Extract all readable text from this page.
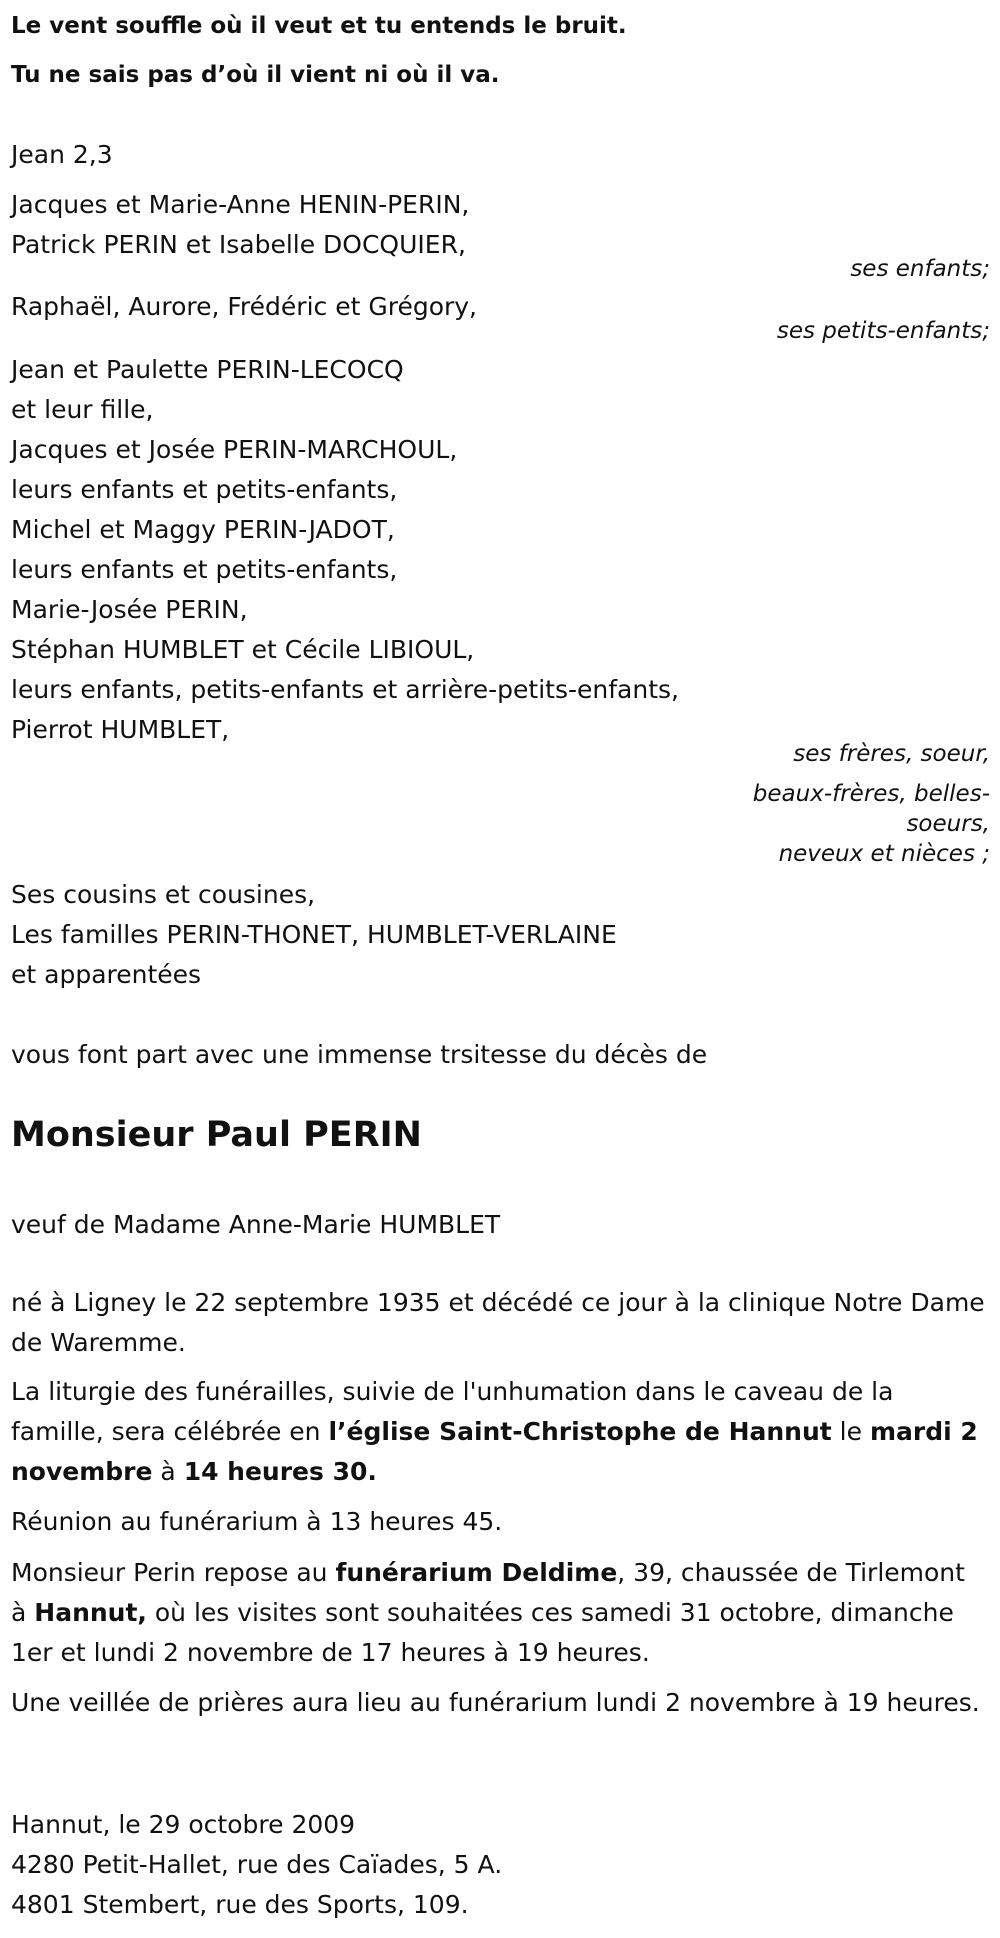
Le vent souffle où il veut et tu entends le bruit.
Tu ne sais pas d’où il vient ni où il va.
Jean 2,3
Jacques et Marie-Anne HENIN-PERIN,
Patrick PERIN et Isabelle DOCQUIER,
ses enfants;
Raphaël, Aurore, Frédéric et Grégory,
ses petits-enfants;
Jean et Paulette PERIN-LECOCQ
et leur fille,
Jacques et Josée PERIN-MARCHOUL,
leurs enfants et petits-enfants,
Michel et Maggy PERIN-JADOT,
leurs enfants et petits-enfants,
Marie-Josée PERIN,
Stéphan HUMBLET et Cécile LIBIOUL,
leurs enfants, petits-enfants et arrière-petits-enfants,
Pierrot HUMBLET,
ses frères, soeur,
beaux-frères, belles-
soeurs,
neveux et nièces ;
Ses cousins et cousines,
Les familles PERIN-THONET, HUMBLET-VERLAINE
et apparentées
vous font part avec une immense trsitesse du décès de
Monsieur Paul PERIN
veuf de Madame Anne-Marie HUMBLET
né à Ligney le 22 septembre 1935 et décédé ce jour à la clinique Notre Dame de Waremme.
La liturgie des funérailles, suivie de l'unhumation dans le caveau de la famille, sera célébrée en l’église Saint-Christophe de Hannut le mardi 2 novembre à 14 heures 30.
Réunion au funérarium à 13 heures 45.
Monsieur Perin repose au funérarium Deldime, 39, chaussée de Tirlemont à Hannut, où les visites sont souhaitées ces samedi 31 octobre, dimanche 1er et lundi 2 novembre de 17 heures à 19 heures.
Une veillée de prières aura lieu au funérarium lundi 2 novembre à 19 heures.
Hannut, le 29 octobre 2009
4280 Petit-Hallet, rue des Caïades, 5 A.
4801 Stembert, rue des Sports, 109.
